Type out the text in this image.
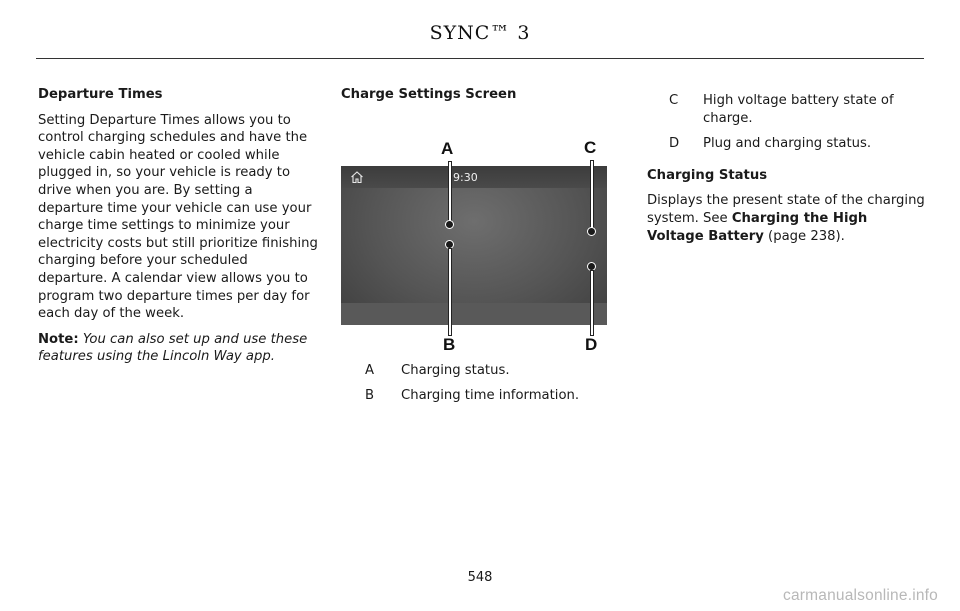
SYNC™ 3

Departure Times

Setting Departure Times allows you to control charging schedules and have the vehicle cabin heated or cooled while plugged in, so your vehicle is ready to drive when you are. By setting a departure time your vehicle can use your charge time settings to minimize your electricity costs but still prioritize finishing charging before your scheduled departure. A calendar view allows you to program two departure times per day for each day of the week.

Note: You can also set up and use these features using the Lincoln Way app.

Charge Settings Screen

9:30
A
B
C
D
A	Charging status.
B	Charging time information.
C	High voltage battery state of charge.
D	Plug and charging status.

Charging Status

Displays the present state of the charging system. See Charging the High Voltage Battery (page 238).

548
carmanualsonline.info
